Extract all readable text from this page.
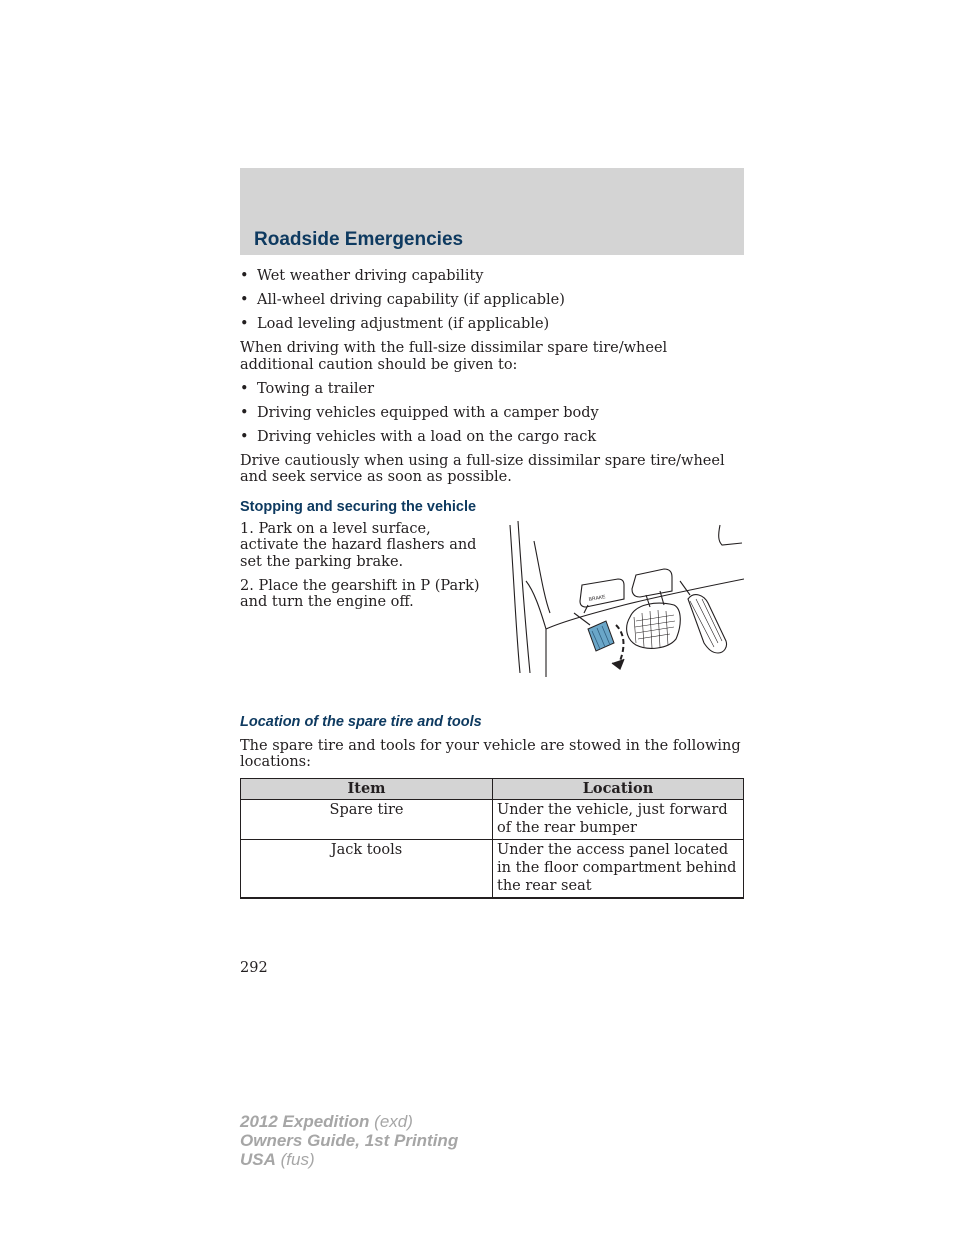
Roadside Emergencies
• Wet weather driving capability
• All-wheel driving capability (if applicable)
• Load leveling adjustment (if applicable)

When driving with the full-size dissimilar spare tire/wheel additional caution should be given to:

• Towing a trailer
• Driving vehicles equipped with a camper body
• Driving vehicles with a load on the cargo rack

Drive cautiously when using a full-size dissimilar spare tire/wheel and seek service as soon as possible.

Stopping and securing the vehicle

1. Park on a level surface, activate the hazard flashers and set the parking brake.

2. Place the gearshift in P (Park) and turn the engine off.	BRAKE
Location of the spare tire and tools

The spare tire and tools for your vehicle are stowed in the following locations:

Item	Location
Spare tire	Under the vehicle, just forward of the rear bumper
Jack tools	Under the access panel located in the floor compartment behind the rear seat
292
2012 Expedition (exd)
Owners Guide, 1st Printing
USA (fus)
